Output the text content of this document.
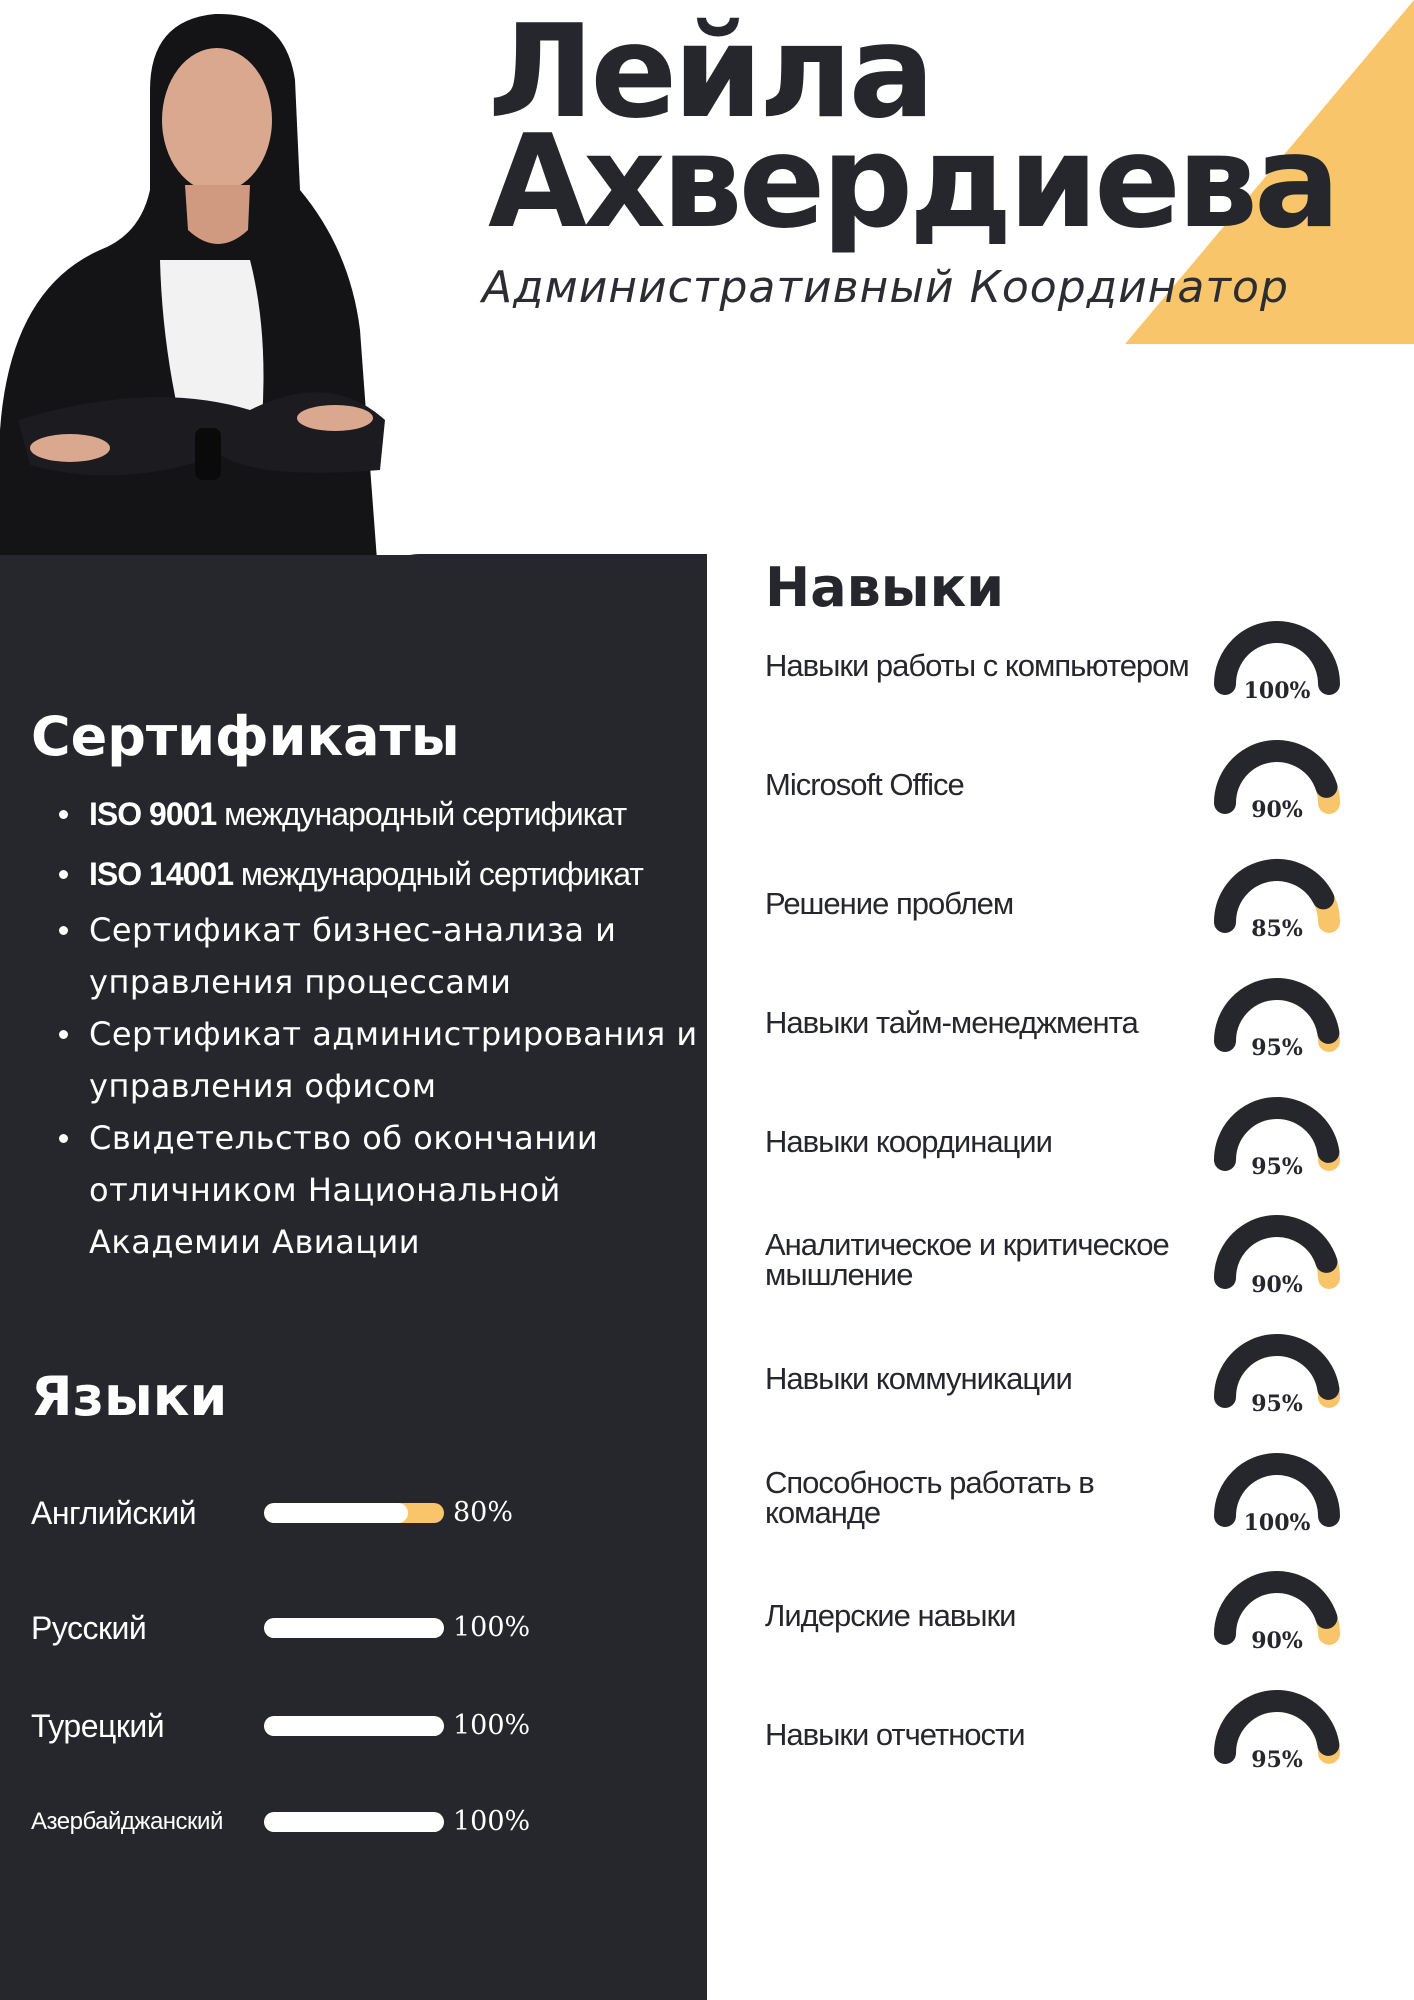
Лейла
Ахвердиева
Административный Координатор
Сертификаты
ISO 9001 международный сертификат
ISO 14001 международный сертификат
Сертификат бизнес-анализа и управления процессами
Сертификат администрирования и управления офисом
Свидетельство об окончании отличником Национальной Академии Авиации
Языки
Английский	80%
Русский	100%
Турецкий	100%
Азербайджанский	100%
Навыки
Навыки работы с компьютером
100%
Microsoft Office
90%
Решение проблем
85%
Навыки тайм-менеджмента
95%
Навыки координации
95%
Аналитическое и критическое мышление	90%
Навыки коммуникации
95%
Способность работать в команде	100%
Лидерские навыки
90%
Навыки отчетности
95%
